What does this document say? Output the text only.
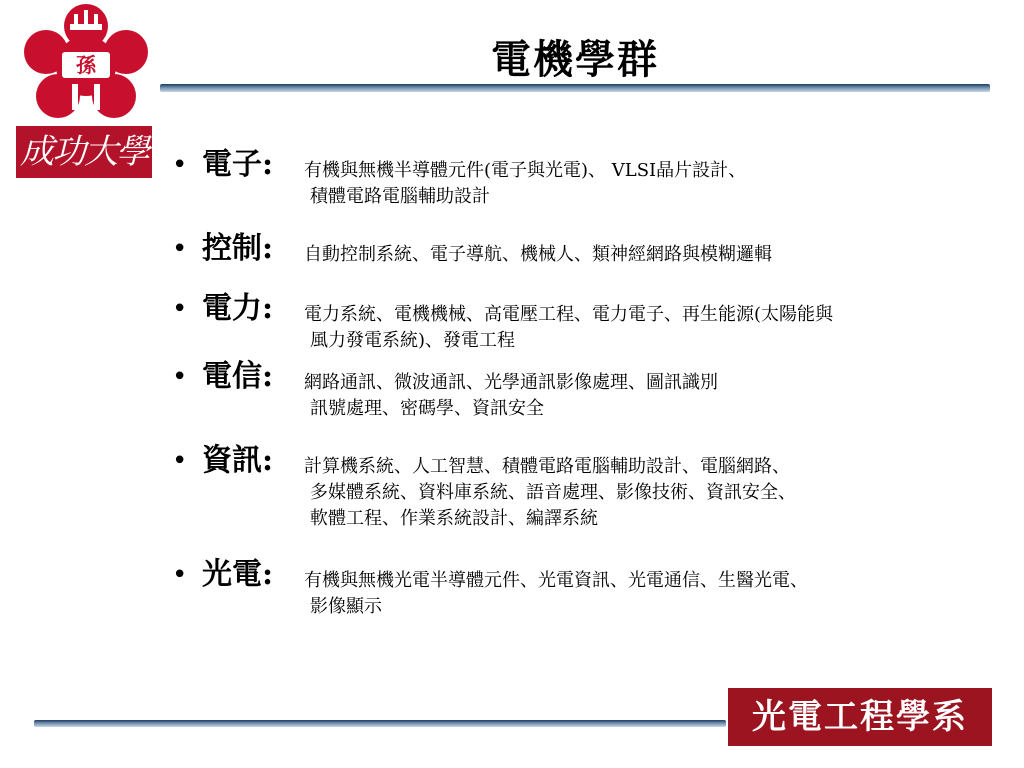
孫
成功大學
電機學群
• 電子: 有機與無機半導體元件(電子與光電)、 VLSI晶片設計、
積體電路電腦輔助設計
• 控制: 自動控制系統、電子導航、機械人、類神經網路與模糊邏輯
• 電力: 電力系統、電機機械、高電壓工程、電力電子、再生能源(太陽能與
風力發電系統)、發電工程
• 電信: 網路通訊、微波通訊、光學通訊影像處理、圖訊識別
訊號處理、密碼學、資訊安全
• 資訊: 計算機系統、人工智慧、積體電路電腦輔助設計、電腦網路、
多媒體系統、資料庫系統、語音處理、影像技術、資訊安全、
軟體工程、作業系統設計、編譯系統
• 光電: 有機與無機光電半導體元件、光電資訊、光電通信、生醫光電、
影像顯示
光電工程學系
